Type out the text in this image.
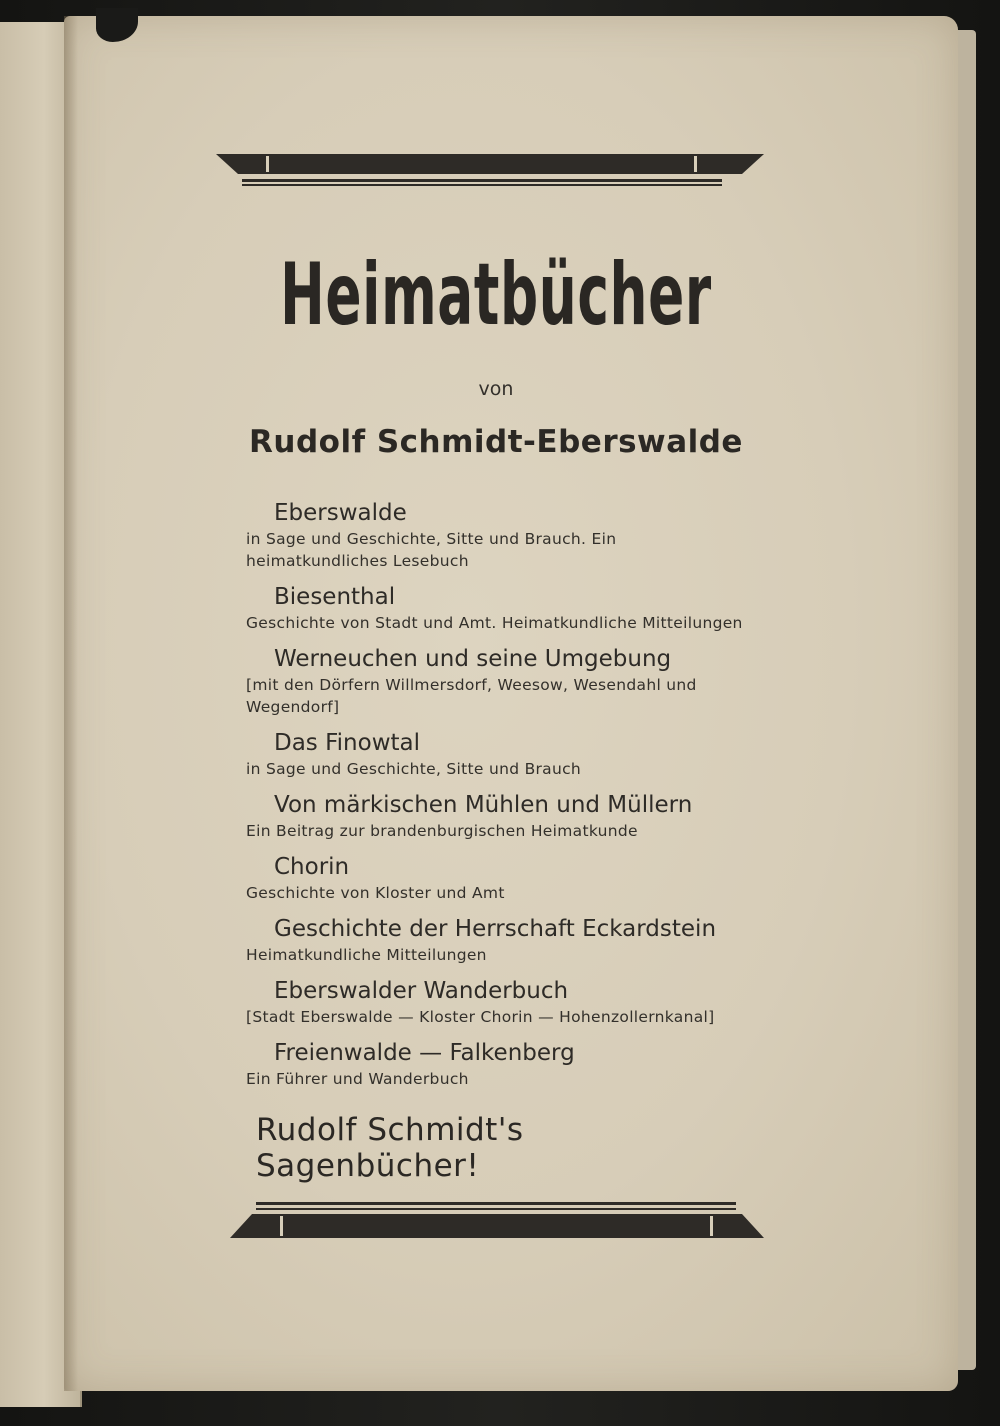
Heimatbücher
von
Rudolf Schmidt-Eberswalde
Eberswalde
in Sage und Geschichte, Sitte und Brauch. Ein heimatkundliches Lesebuch
Biesenthal
Geschichte von Stadt und Amt. Heimatkundliche Mitteilungen
Werneuchen und seine Umgebung
[mit den Dörfern Willmersdorf, Weesow, Wesendahl und Wegendorf]
Das Finowtal
in Sage und Geschichte, Sitte und Brauch
Von märkischen Mühlen und Müllern
Ein Beitrag zur brandenburgischen Heimatkunde
Chorin
Geschichte von Kloster und Amt
Geschichte der Herrschaft Eckardstein
Heimatkundliche Mitteilungen
Eberswalder Wanderbuch
[Stadt Eberswalde — Kloster Chorin — Hohenzollernkanal]
Freienwalde — Falkenberg
Ein Führer und Wanderbuch
Rudolf Schmidt's Sagenbücher!
